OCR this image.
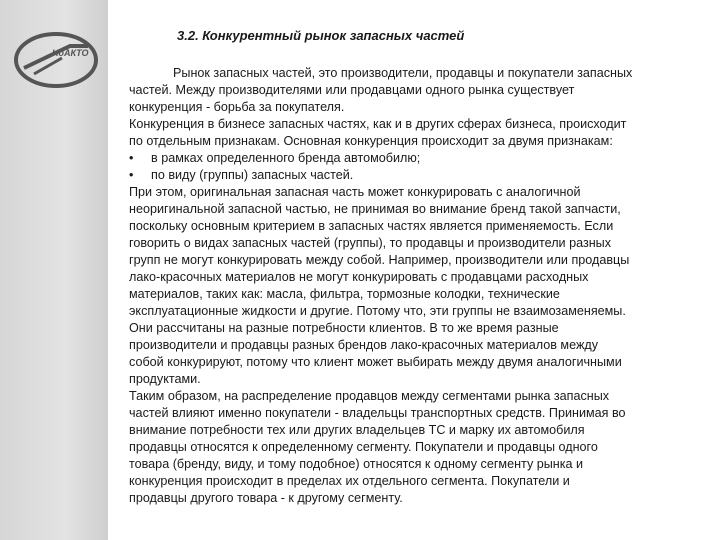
НоАКТО
3.2. Конкурентный рынок запасных частей
Рынок запасных частей, это производители, продавцы и покупатели запасных
частей. Между производителями или продавцами одного рынка существует
конкуренция - борьба за покупателя.
Конкуренция в бизнесе запасных частях, как и в других сферах бизнеса, происходит
по отдельным признакам. Основная конкуренция происходит за двумя признакам:
• в рамках определенного бренда автомобилю;
• по виду (группы) запасных частей.
При этом, оригинальная запасная часть может конкурировать с аналогичной
неоригинальной запасной частью, не принимая во внимание бренд такой запчасти,
поскольку основным критерием в запасных частях является применяемость. Если
говорить о видах запасных частей (группы), то продавцы и производители разных
групп не могут конкурировать между собой. Например, производители или продавцы
лако-красочных материалов не могут конкурировать с продавцами расходных
материалов, таких как: масла, фильтра, тормозные колодки, технические
эксплуатационные жидкости и другие. Потому что, эти группы не взаимозаменяемы.
Они рассчитаны на разные потребности клиентов. В то же время разные
производители и продавцы разных брендов лако-красочных материалов между
собой конкурируют, потому что клиент может выбирать между двумя аналогичными
продуктами.
Таким образом, на распределение продавцов между сегментами рынка запасных
частей влияют именно покупатели - владельцы транспортных средств. Принимая во
внимание потребности тех или других владельцев ТС и марку их автомобиля
продавцы относятся к определенному сегменту. Покупатели и продавцы одного
товара (бренду, виду, и тому подобное) относятся к одному сегменту рынка и
конкуренция происходит в пределах их отдельного сегмента. Покупатели и
продавцы другого товара - к другому сегменту.
